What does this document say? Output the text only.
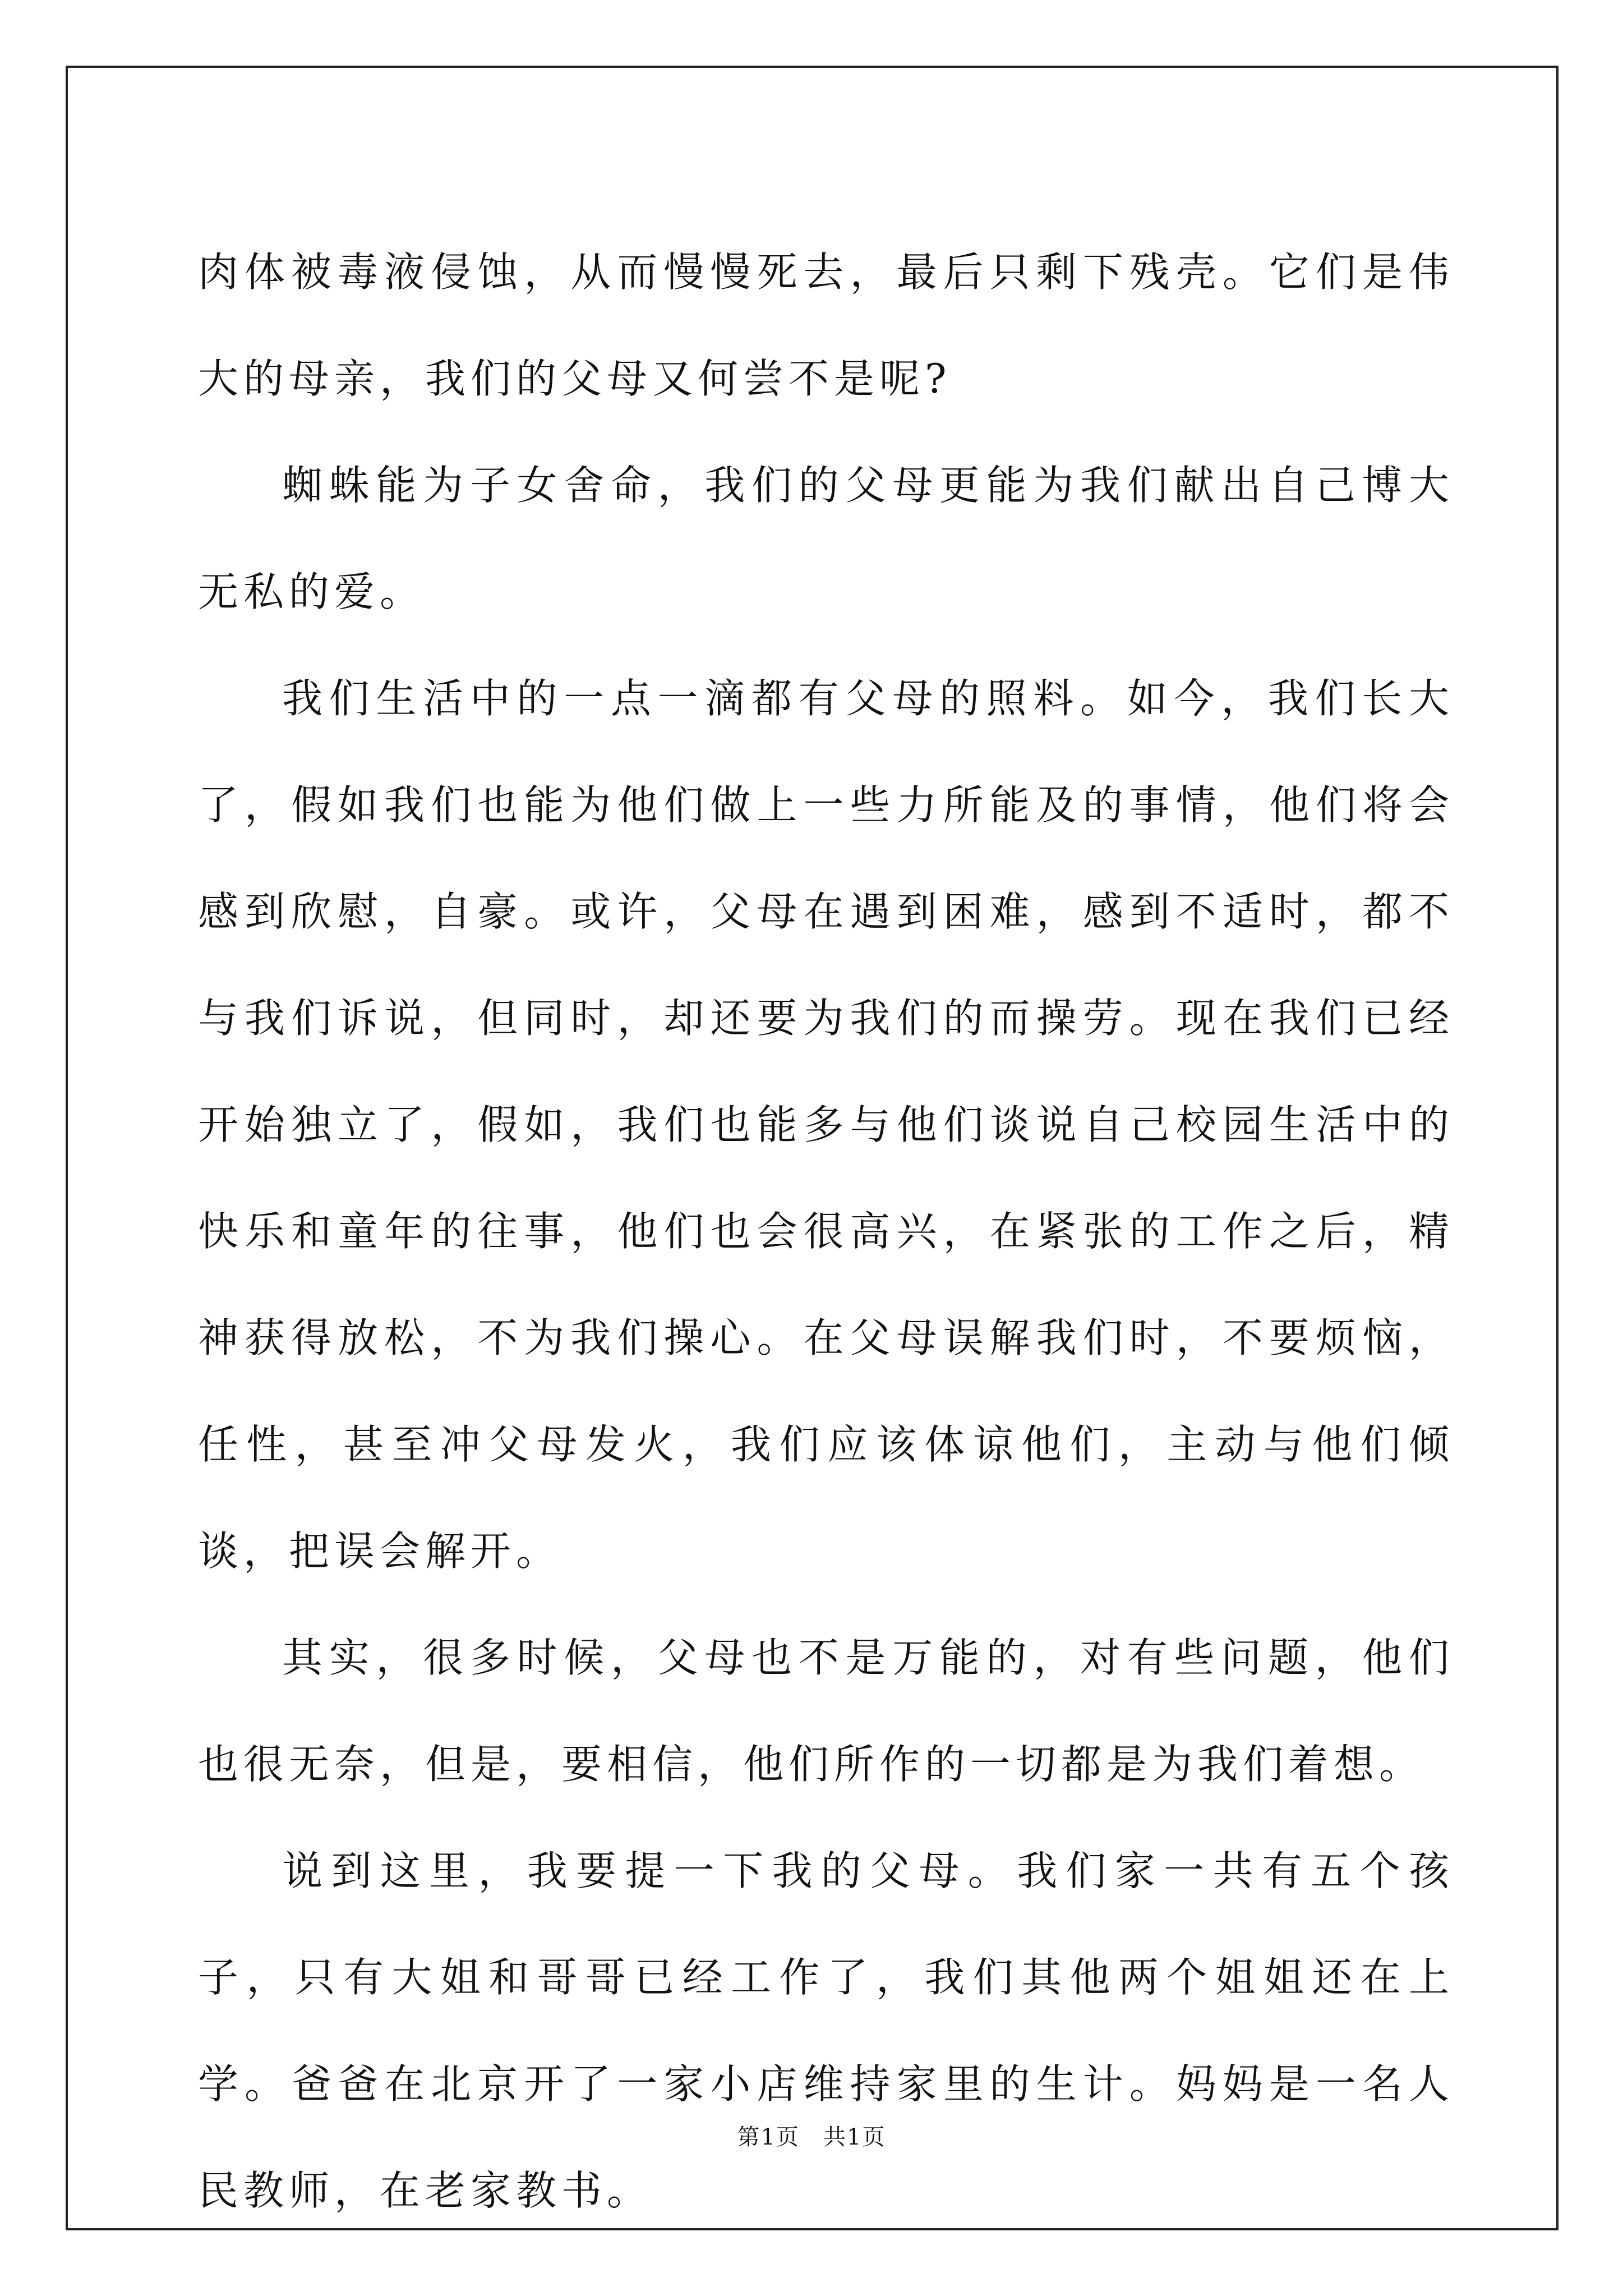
肉体被毒液侵蚀，从而慢慢死去，最后只剩下残壳。它们是伟大的母亲，我们的父母又何尝不是呢?

蜘蛛能为子女舍命，我们的父母更能为我们献出自己博大无私的爱。

我们生活中的一点一滴都有父母的照料。如今，我们长大了，假如我们也能为他们做上一些力所能及的事情，他们将会感到欣慰，自豪。或许，父母在遇到困难，感到不适时，都不与我们诉说，但同时，却还要为我们的而操劳。现在我们已经开始独立了，假如，我们也能多与他们谈说自己校园生活中的快乐和童年的往事，他们也会很高兴，在紧张的工作之后，精神获得放松，不为我们操心。在父母误解我们时，不要烦恼，任性，甚至冲父母发火，我们应该体谅他们，主动与他们倾谈，把误会解开。

其实，很多时候，父母也不是万能的，对有些问题，他们也很无奈，但是，要相信，他们所作的一切都是为我们着想。

说到这里，我要提一下我的父母。我们家一共有五个孩子，只有大姐和哥哥已经工作了，我们其他两个姐姐还在上学。爸爸在北京开了一家小店维持家里的生计。妈妈是一名人民教师，在老家教书。

第1页　共1页
